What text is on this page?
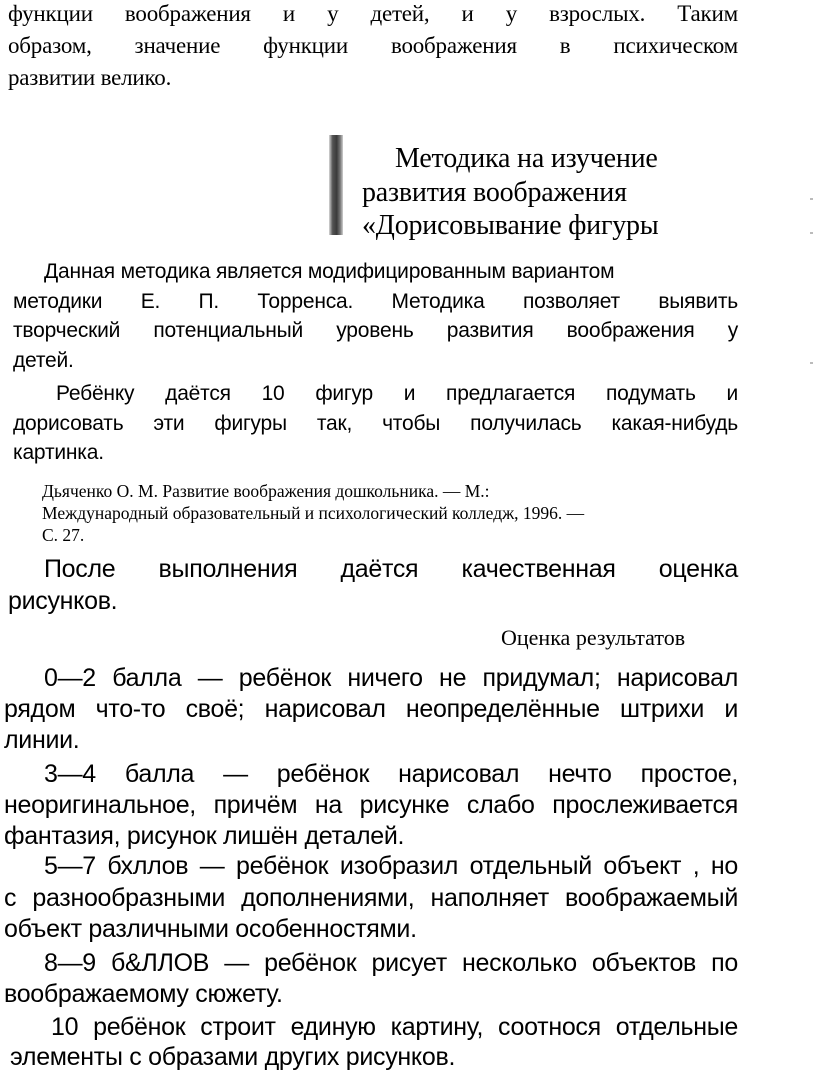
функции воображения и у детей, и у взрослых. Таким
образом, значение функции воображения в психическом
развитии велико.
Методика на изучение
развития воображения
«Дорисовывание фигуры
Данная методика является модифицированным вариантом
методики Е. П. Торренса. Методика позволяет выявить
творческий потенциальный уровень развития воображения у
детей.
Ребёнку даётся 10 фигур и предлагается подумать и
дорисовать эти фигуры так, чтобы получилась какая-нибудь
картинка.
Дьяченко О. М. Развитие воображения дошкольника. — М.:
Международный образовательный и психологический колледж, 1996. —
С. 27.
После выполнения даётся качественная оценка
рисунков.
Оценка результатов
0—2 балла — ребёнок ничего не придумал; нарисовал
рядом что-то своё; нарисовал неопределённые штрихи и
линии.
3—4 балла — ребёнок нарисовал нечто простое,
неоригинальное, причём на рисунке слабо прослеживается
фантазия, рисунок лишён деталей.
5—7 бхллов — ребёнок изобразил отдельный объект , но
с разнообразными дополнениями, наполняет воображаемый
объект различными особенностями.
8—9 б&ЛЛОВ — ребёнок рисует несколько объектов по
воображаемому сюжету.
10 ребёнок строит единую картину, соотнося отдельные
элементы с образами других рисунков.
